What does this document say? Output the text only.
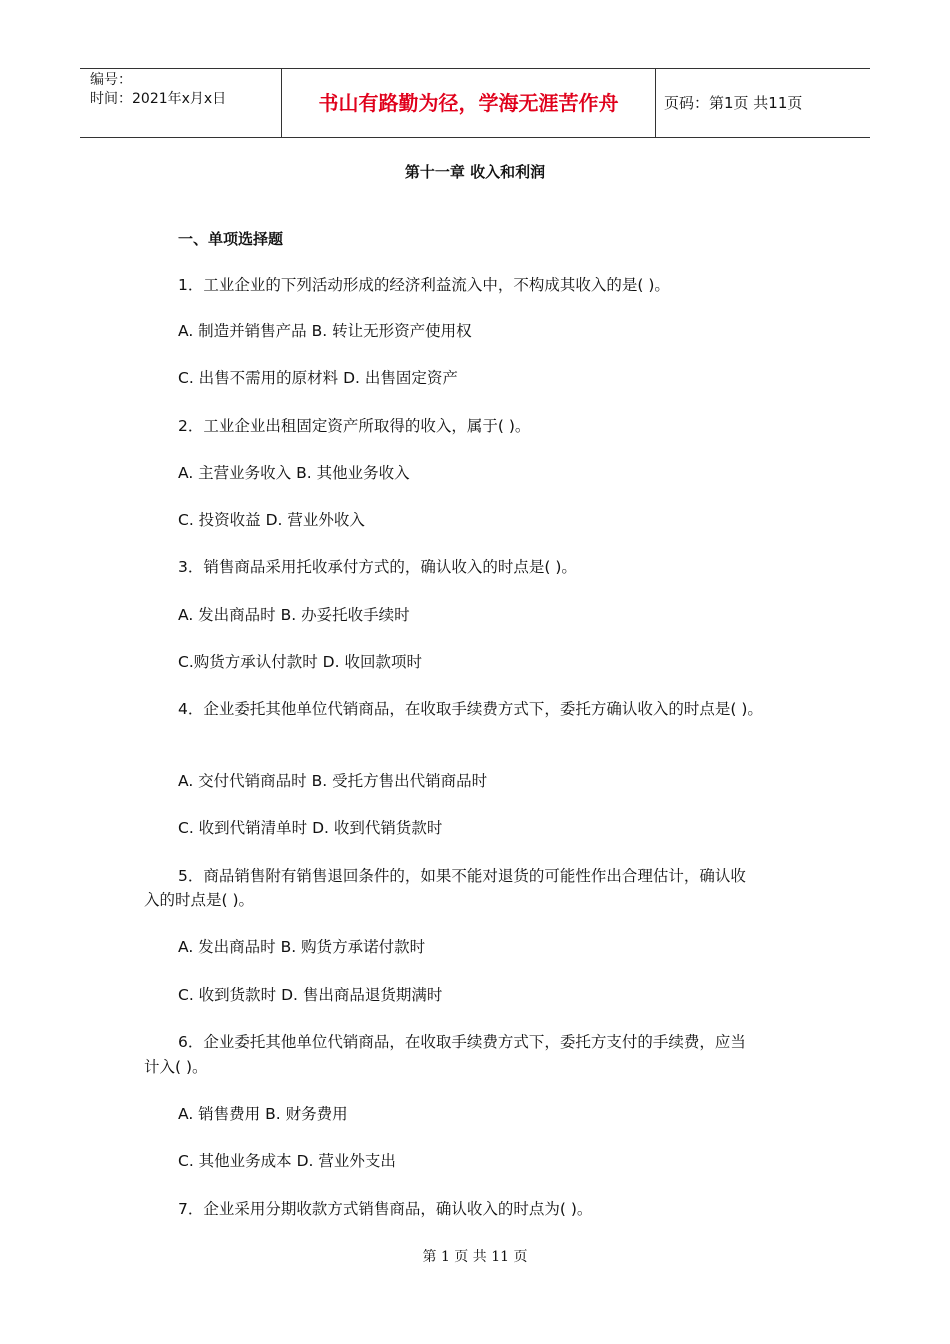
编号：
时间：2021年x月x日	书山有路勤为径，学海无涯苦作舟	页码：第1页 共11页
第十一章 收入和利润
一、单项选择题
1．工业企业的下列活动形成的经济利益流入中，不构成其收入的是( )。
A. 制造并销售产品 B. 转让无形资产使用权
C. 出售不需用的原材料 D. 出售固定资产
2．工业企业出租固定资产所取得的收入，属于( )。
A. 主营业务收入 B. 其他业务收入
C. 投资收益 D. 营业外收入
3．销售商品采用托收承付方式的，确认收入的时点是( )。
A. 发出商品时 B. 办妥托收手续时
C.购货方承认付款时 D. 收回款项时
4．企业委托其他单位代销商品，在收取手续费方式下，委托方确认收入的时点是( )。
A. 交付代销商品时 B. 受托方售出代销商品时
C. 收到代销清单时 D. 收到代销货款时
5．商品销售附有销售退回条件的，如果不能对退货的可能性作出合理估计，确认收
入的时点是( )。
A. 发出商品时 B. 购货方承诺付款时
C. 收到货款时 D. 售出商品退货期满时
6．企业委托其他单位代销商品，在收取手续费方式下，委托方支付的手续费，应当
计入( )。
A. 销售费用 B. 财务费用
C. 其他业务成本 D. 营业外支出
7．企业采用分期收款方式销售商品，确认收入的时点为( )。
第 1 页 共 11 页
